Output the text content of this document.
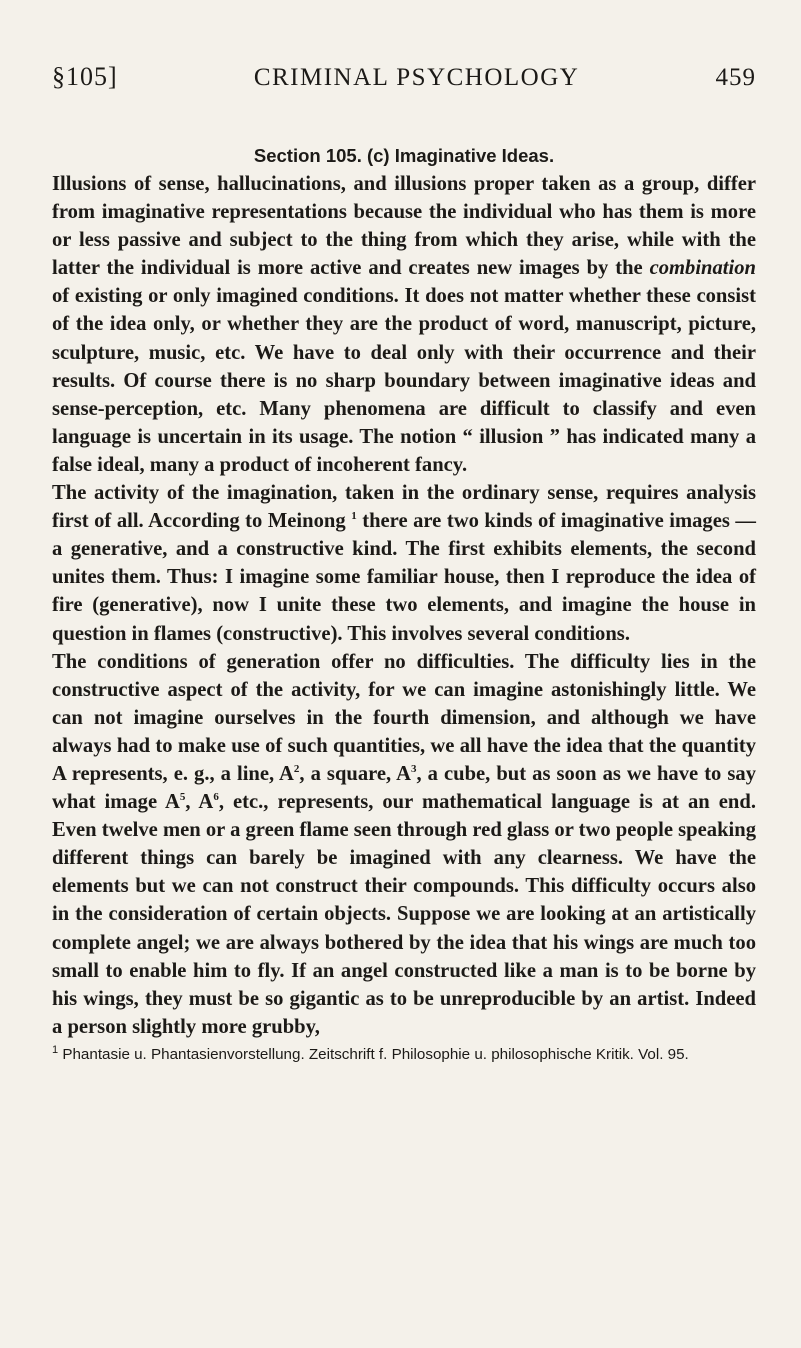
§105]	CRIMINAL PSYCHOLOGY	459
Section 105. (c) Imaginative Ideas.

Illusions of sense, hallucinations, and illusions proper taken as a group, differ from imaginative representations because the individual who has them is more or less passive and subject to the thing from which they arise, while with the latter the individual is more active and creates new images by the combination of existing or only imagined conditions. It does not matter whether these consist of the idea only, or whether they are the product of word, manuscript, picture, sculpture, music, etc. We have to deal only with their occurrence and their results. Of course there is no sharp boundary between imaginative ideas and sense-perception, etc. Many phenomena are difficult to classify and even language is uncertain in its usage. The notion “ illusion ” has indicated many a false ideal, many a product of incoherent fancy.

The activity of the imagination, taken in the ordinary sense, requires analysis first of all. According to Meinong $^1$ there are two kinds of imaginative images — a generative, and a constructive kind. The first exhibits elements, the second unites them. Thus: I imagine some familiar house, then I reproduce the idea of fire (generative), now I unite these two elements, and imagine the house in question in flames (constructive). This involves several conditions.

The conditions of generation offer no difficulties. The difficulty lies in the constructive aspect of the activity, for we can imagine astonishingly little. We can not imagine ourselves in the fourth dimension, and although we have always had to make use of such quantities, we all have the idea that the quantity A represents, e. g., a line, $A^2$, a square, $A^3$, a cube, but as soon as we have to say what image $A^5$, $A^6$, etc., represents, our mathematical language is at an end. Even twelve men or a green flame seen through red glass or two people speaking different things can barely be imagined with any clearness. We have the elements but we can not construct their compounds. This difficulty occurs also in the consideration of certain objects. Suppose we are looking at an artistically complete angel; we are always bothered by the idea that his wings are much too small to enable him to fly. If an angel constructed like a man is to be borne by his wings, they must be so gigantic as to be unreproducible by an artist. Indeed a person slightly more grubby,

$^1$ Phantasie u. Phantasienvorstellung. Zeitschrift f. Philosophie u. philosophische Kritik. Vol. 95.
